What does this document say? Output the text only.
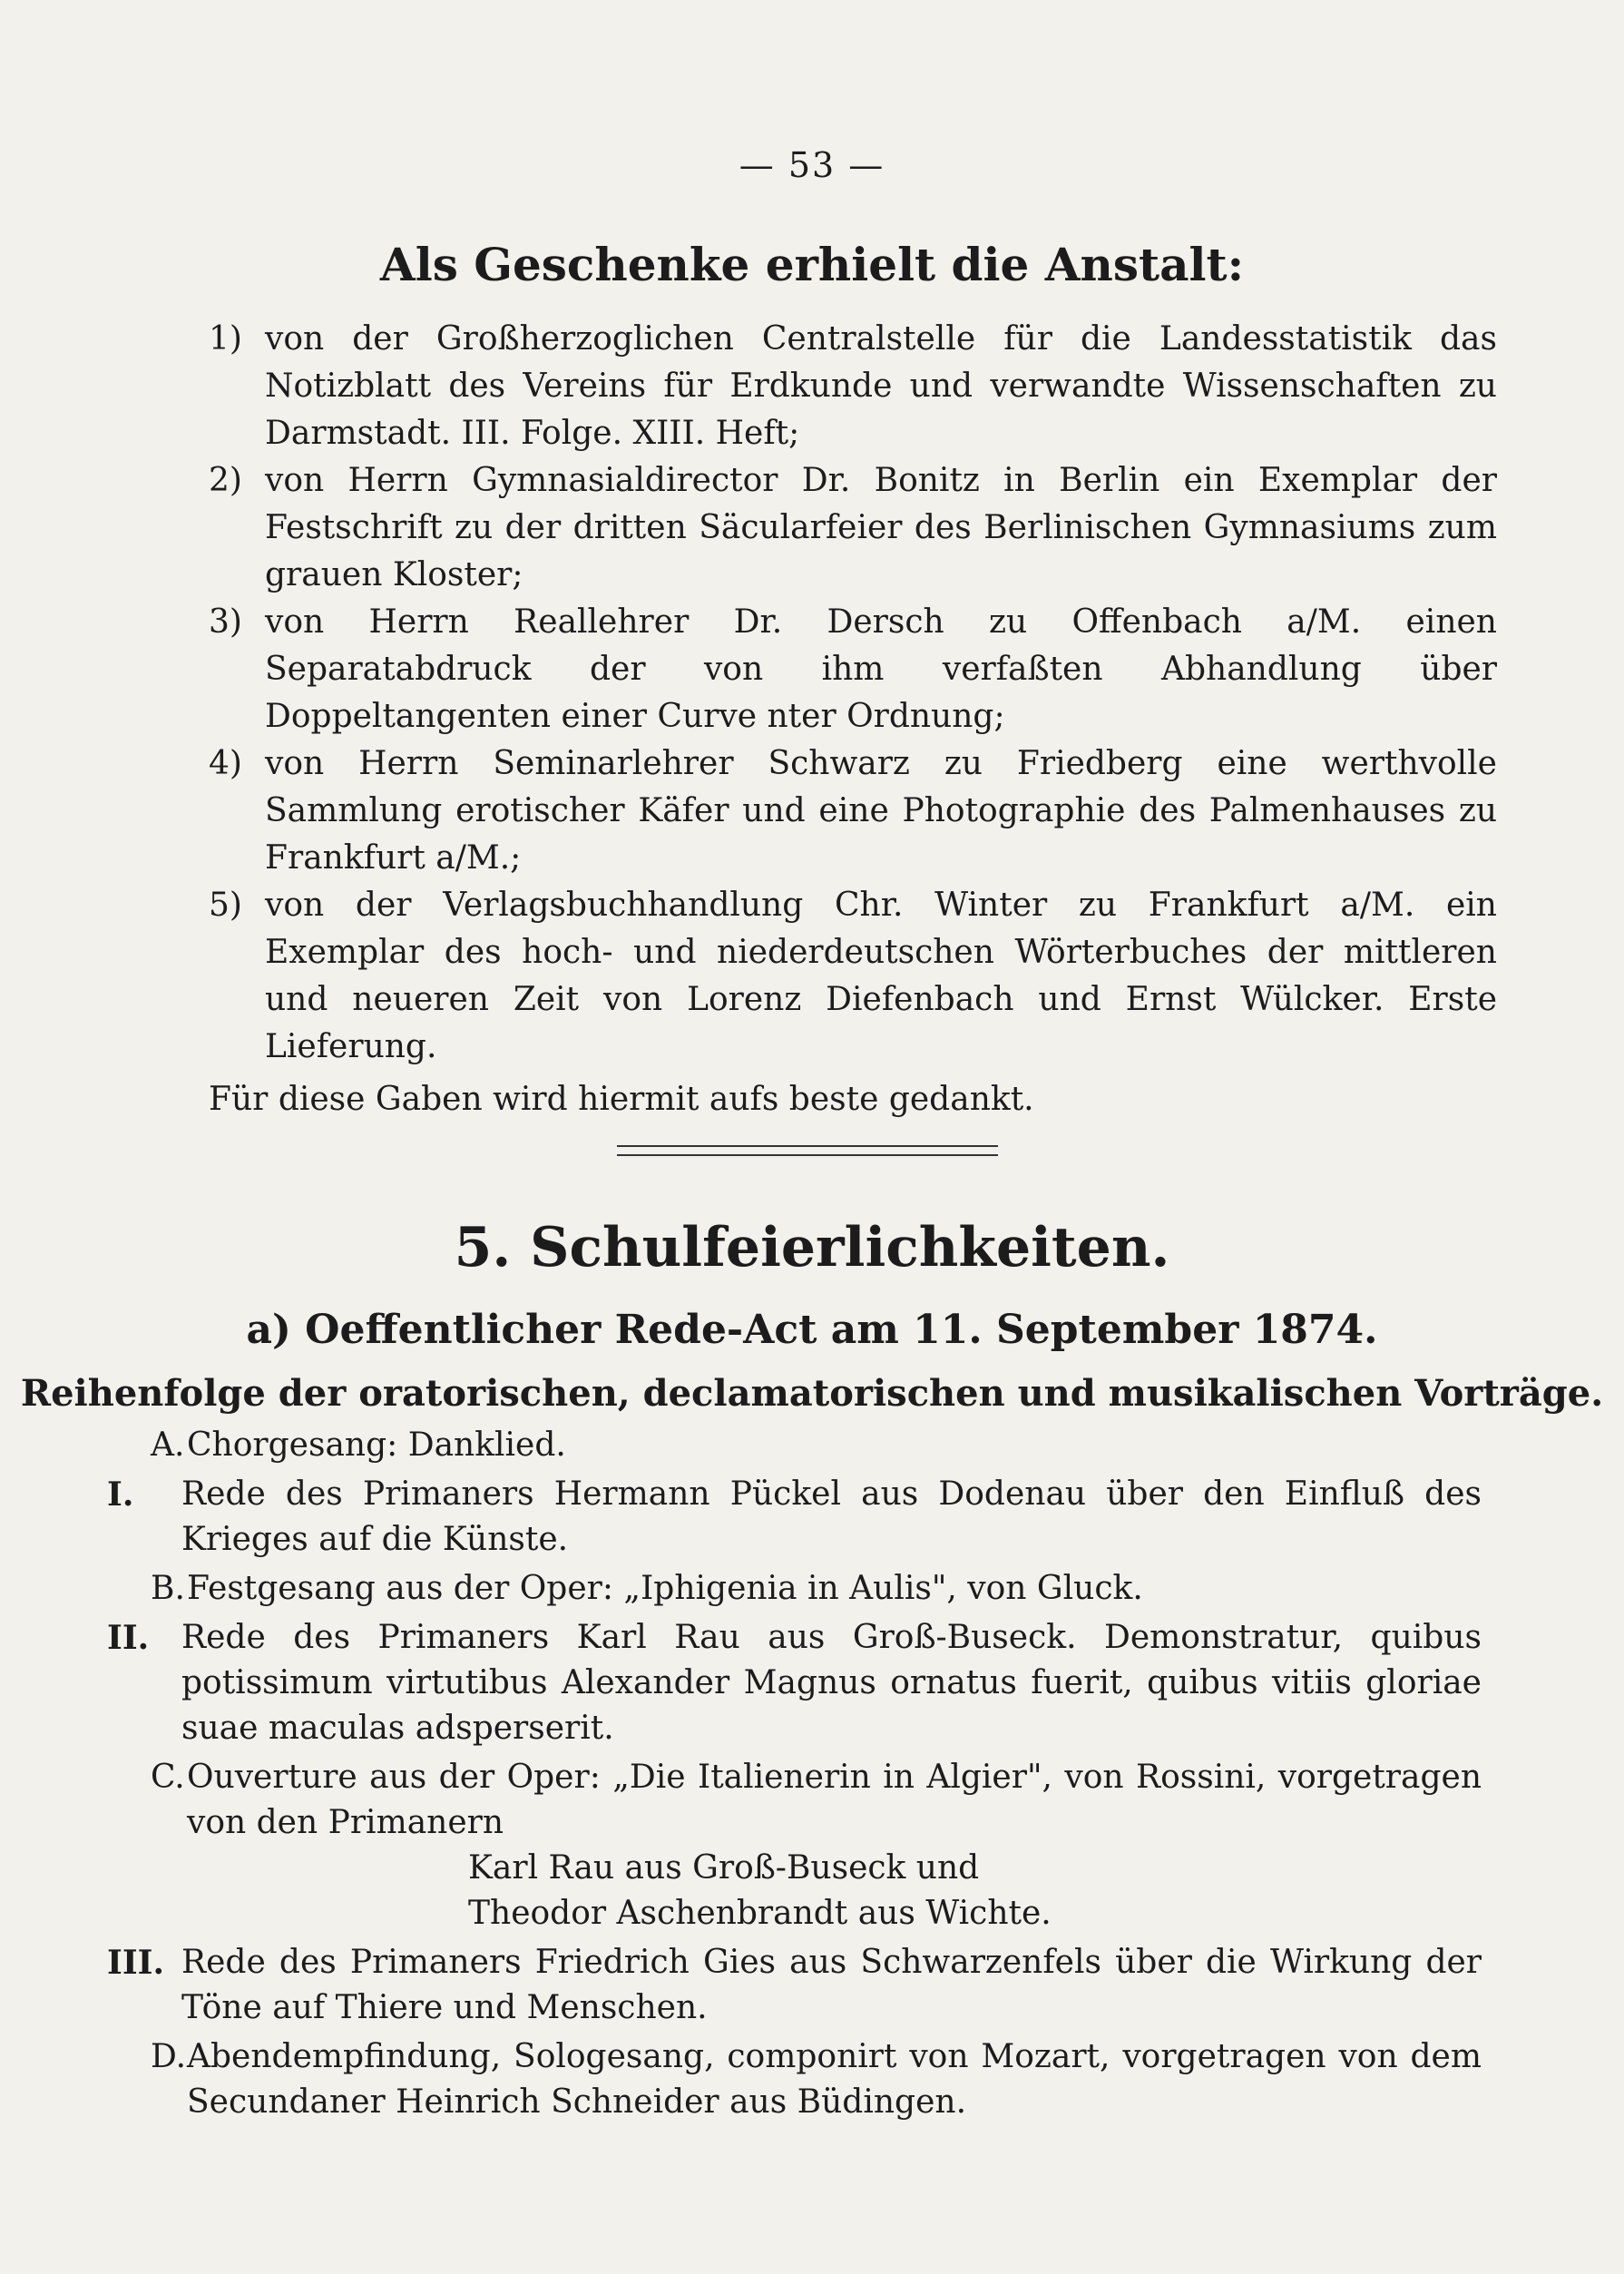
— 53 —
Als Geschenke erhielt die Anstalt:
1) von der Großherzoglichen Centralstelle für die Landesstatistik das Notizblatt des Vereins für Erdkunde und verwandte Wissenschaften zu Darmstadt. III. Folge. XIII. Heft;
2) von Herrn Gymnasialdirector Dr. Bonitz in Berlin ein Exemplar der Festschrift zu der dritten Säcularfeier des Berlinischen Gymnasiums zum grauen Kloster;
3) von Herrn Reallehrer Dr. Dersch zu Offenbach a/M. einen Separatabdruck der von ihm verfaßten Abhandlung über Doppeltangenten einer Curve nter Ordnung;
4) von Herrn Seminarlehrer Schwarz zu Friedberg eine werthvolle Sammlung erotischer Käfer und eine Photographie des Palmenhauses zu Frankfurt a/M.;
5) von der Verlagsbuchhandlung Chr. Winter zu Frankfurt a/M. ein Exemplar des hoch- und niederdeutschen Wörterbuches der mittleren und neueren Zeit von Lorenz Diefenbach und Ernst Wülcker. Erste Lieferung.
Für diese Gaben wird hiermit aufs beste gedankt.
5. Schulfeierlichkeiten.
a) Oeffentlicher Rede-Act am 11. September 1874.
Reihenfolge der oratorischen, declamatorischen und musikalischen Vorträge.
A. Chorgesang: Danklied.
I. Rede des Primaners Hermann Pückel aus Dodenau über den Einfluß des Krieges auf die Künste.
B. Festgesang aus der Oper: „Iphigenia in Aulis", von Gluck.
II. Rede des Primaners Karl Rau aus Groß-Buseck. Demonstratur, quibus potissimum virtutibus Alexander Magnus ornatus fuerit, quibus vitiis gloriae suae maculas adsperserit.
C. Ouverture aus der Oper: „Die Italienerin in Algier", von Rossini, vorgetragen von den Primanern
Karl Rau aus Groß-Buseck und
Theodor Aschenbrandt aus Wichte.
III. Rede des Primaners Friedrich Gies aus Schwarzenfels über die Wirkung der Töne auf Thiere und Menschen.
D. Abendempfindung, Sologesang, componirt von Mozart, vorgetragen von dem Secundaner Heinrich Schneider aus Büdingen.
